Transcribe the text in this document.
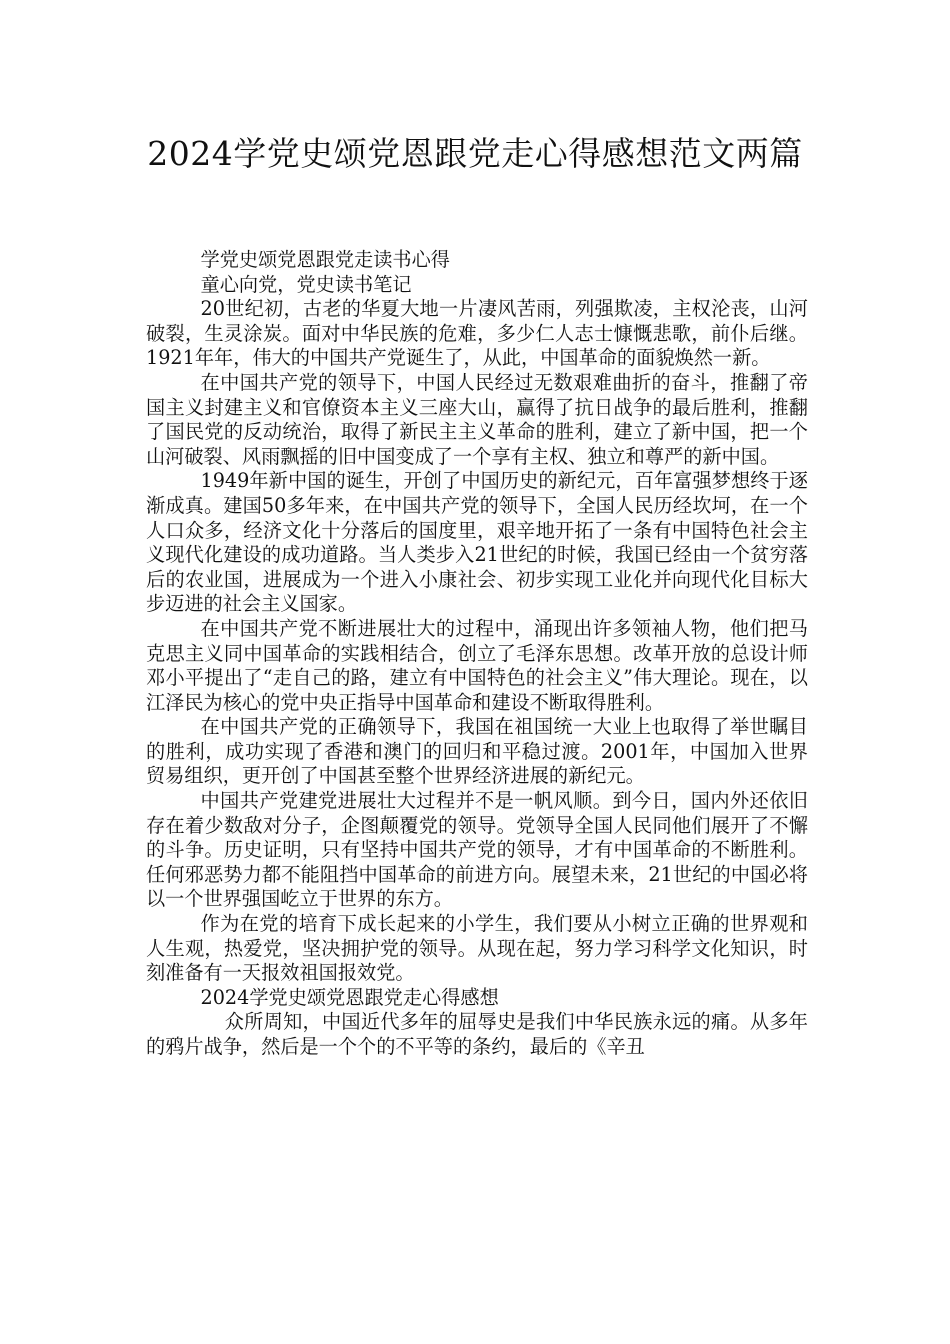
2024学党史颂党恩跟党走心得感想范文两篇

学党史颂党恩跟党走读书心得

童心向党，党史读书笔记

20世纪初，古老的华夏大地一片凄风苦雨，列强欺凌，主权沦丧，山河破裂，生灵涂炭。面对中华民族的危难，多少仁人志士慷慨悲歌，前仆后继。1921年年，伟大的中国共产党诞生了，从此，中国革命的面貌焕然一新。

在中国共产党的领导下，中国人民经过无数艰难曲折的奋斗，推翻了帝国主义封建主义和官僚资本主义三座大山，赢得了抗日战争的最后胜利，推翻了国民党的反动统治，取得了新民主主义革命的胜利，建立了新中国，把一个山河破裂、风雨飘摇的旧中国变成了一个享有主权、独立和尊严的新中国。

1949年新中国的诞生，开创了中国历史的新纪元，百年富强梦想终于逐渐成真。建国50多年来，在中国共产党的领导下，全国人民历经坎坷，在一个人口众多，经济文化十分落后的国度里，艰辛地开拓了一条有中国特色社会主义现代化建设的成功道路。当人类步入21世纪的时候，我国已经由一个贫穷落后的农业国，进展成为一个进入小康社会、初步实现工业化并向现代化目标大步迈进的社会主义国家。

在中国共产党不断进展壮大的过程中，涌现出许多领袖人物，他们把马克思主义同中国革命的实践相结合，创立了毛泽东思想。改革开放的总设计师邓小平提出了“走自己的路，建立有中国特色的社会主义”伟大理论。现在，以江泽民为核心的党中央正指导中国革命和建设不断取得胜利。

在中国共产党的正确领导下，我国在祖国统一大业上也取得了举世瞩目的胜利，成功实现了香港和澳门的回归和平稳过渡。2001年，中国加入世界贸易组织，更开创了中国甚至整个世界经济进展的新纪元。

中国共产党建党进展壮大过程并不是一帆风顺。到今日，国内外还依旧存在着少数敌对分子，企图颠覆党的领导。党领导全国人民同他们展开了不懈的斗争。历史证明，只有坚持中国共产党的领导，才有中国革命的不断胜利。任何邪恶势力都不能阻挡中国革命的前进方向。展望未来，21世纪的中国必将以一个世界强国屹立于世界的东方。

作为在党的培育下成长起来的小学生，我们要从小树立正确的世界观和人生观，热爱党，坚决拥护党的领导。从现在起，努力学习科学文化知识，时刻准备有一天报效祖国报效党。

2024学党史颂党恩跟党走心得感想

众所周知，中国近代多年的屈辱史是我们中华民族永远的痛。从多年的鸦片战争，然后是一个个的不平等的条约，最后的《辛丑
